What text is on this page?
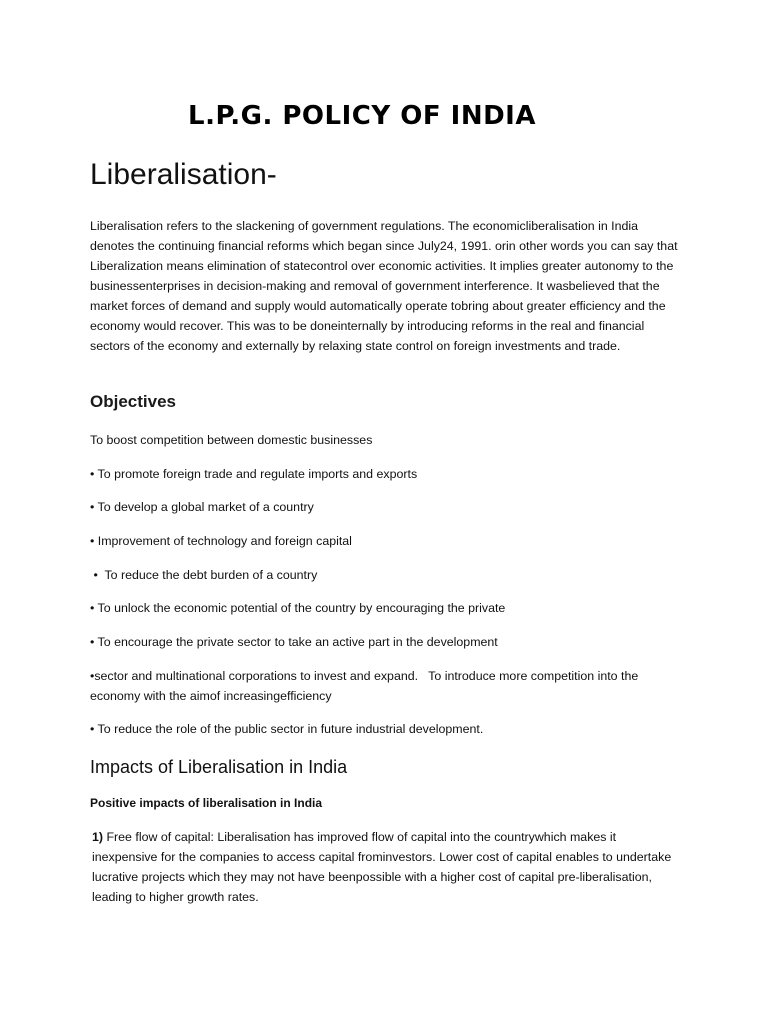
L.P.G. POLICY OF INDIA
Liberalisation-

Liberalisation refers to the slackening of government regulations. The economicliberalisation in India denotes the continuing financial reforms which began since July24, 1991. orin other words you can say that Liberalization means elimination of statecontrol over economic activities. It implies greater autonomy to the businessenterprises in decision-making and removal of government interference. It wasbelieved that the market forces of demand and supply would automatically operate tobring about greater efficiency and the economy would recover. This was to be doneinternally by introducing reforms in the real and financial sectors of the economy and externally by relaxing state control on foreign investments and trade.

Objectives

To boost competition between domestic businesses

• To promote foreign trade and regulate imports and exports

• To develop a global market of a country

• Improvement of technology and foreign capital

•  To reduce the debt burden of a country

• To unlock the economic potential of the country by encouraging the private

• To encourage the private sector to take an active part in the development

•sector and multinational corporations to invest and expand.   To introduce more competition into the economy with the aimof increasingefficiency

• To reduce the role of the public sector in future industrial development.

Impacts of Liberalisation in India
Positive impacts of liberalisation in India

1) Free flow of capital: Liberalisation has improved flow of capital into the countrywhich makes it inexpensive for the companies to access capital frominvestors. Lower cost of capital enables to undertake lucrative projects which they may not have beenpossible with a higher cost of capital pre-liberalisation, leading to higher growth rates.
